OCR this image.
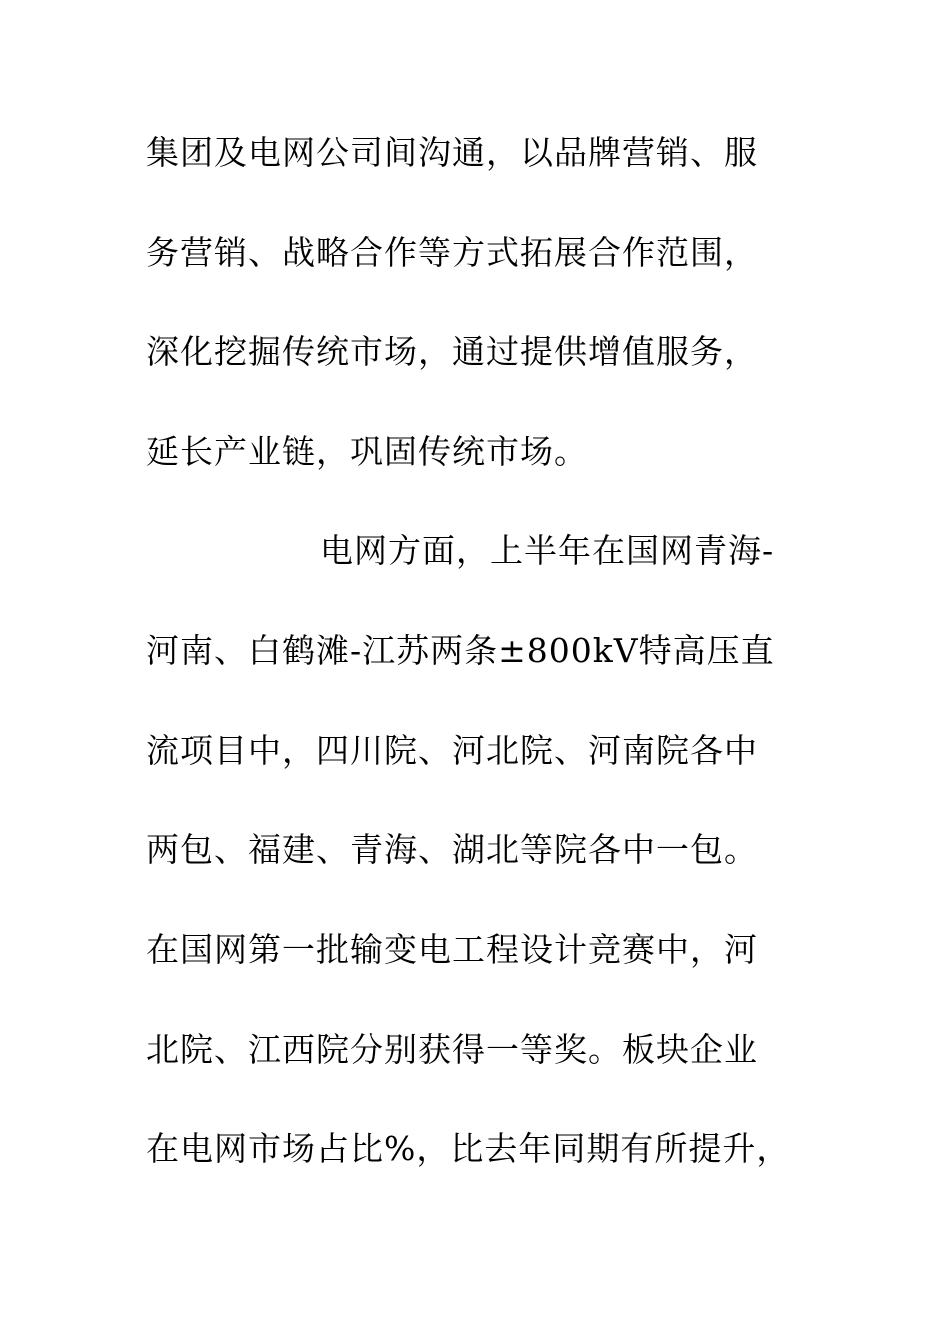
集团及电网公司间沟通，以品牌营销、服
务营销、战略合作等方式拓展合作范围，
深化挖掘传统市场，通过提供增值服务，
延长产业链，巩固传统市场。
电网方面，上半年在国网青海-
河南、白鹤滩-江苏两条±800kV特高压直
流项目中，四川院、河北院、河南院各中
两包、福建、青海、湖北等院各中一包。
在国网第一批输变电工程设计竞赛中，河
北院、江西院分别获得一等奖。板块企业
在电网市场占比%，比去年同期有所提升，
